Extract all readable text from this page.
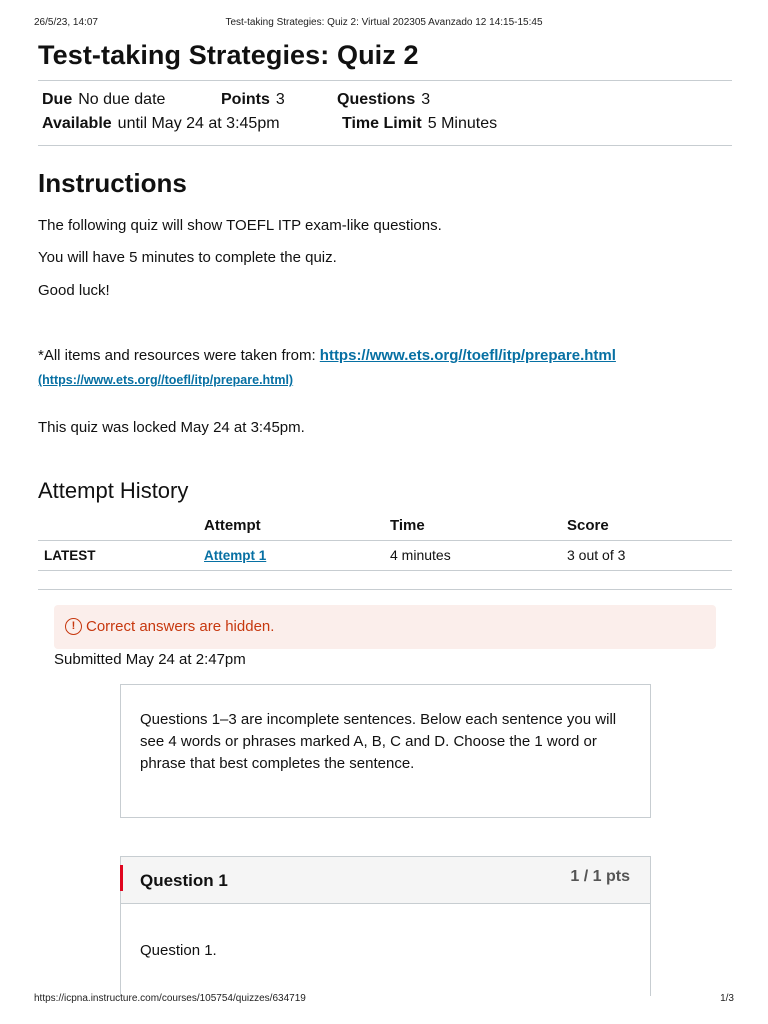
26/5/23, 14:07	Test-taking Strategies: Quiz 2: Virtual 202305 Avanzado 12 14:15-15:45
Test-taking Strategies: Quiz 2
Due No due date	Points 3	Questions 3
Available until May 24 at 3:45pm	Time Limit 5 Minutes
Instructions

The following quiz will show TOEFL ITP exam-like questions.

You will have 5 minutes to complete the quiz.

Good luck!

*All items and resources were taken from: https://www.ets.org//toefl/itp/prepare.html

(https://www.ets.org//toefl/itp/prepare.html)

This quiz was locked May 24 at 3:45pm.

Attempt History
	Attempt	Time	Score
LATEST	Attempt 1	4 minutes	3 out of 3
! Correct answers are hidden.
Submitted May 24 at 2:47pm

Questions 1–3 are incomplete sentences. Below each sentence you will see 4 words or phrases marked A, B, C and D. Choose the 1 word or phrase that best completes the sentence.

Question 1	1 / 1 pts

Question 1.

https://icpna.instructure.com/courses/105754/quizzes/634719	1/3
